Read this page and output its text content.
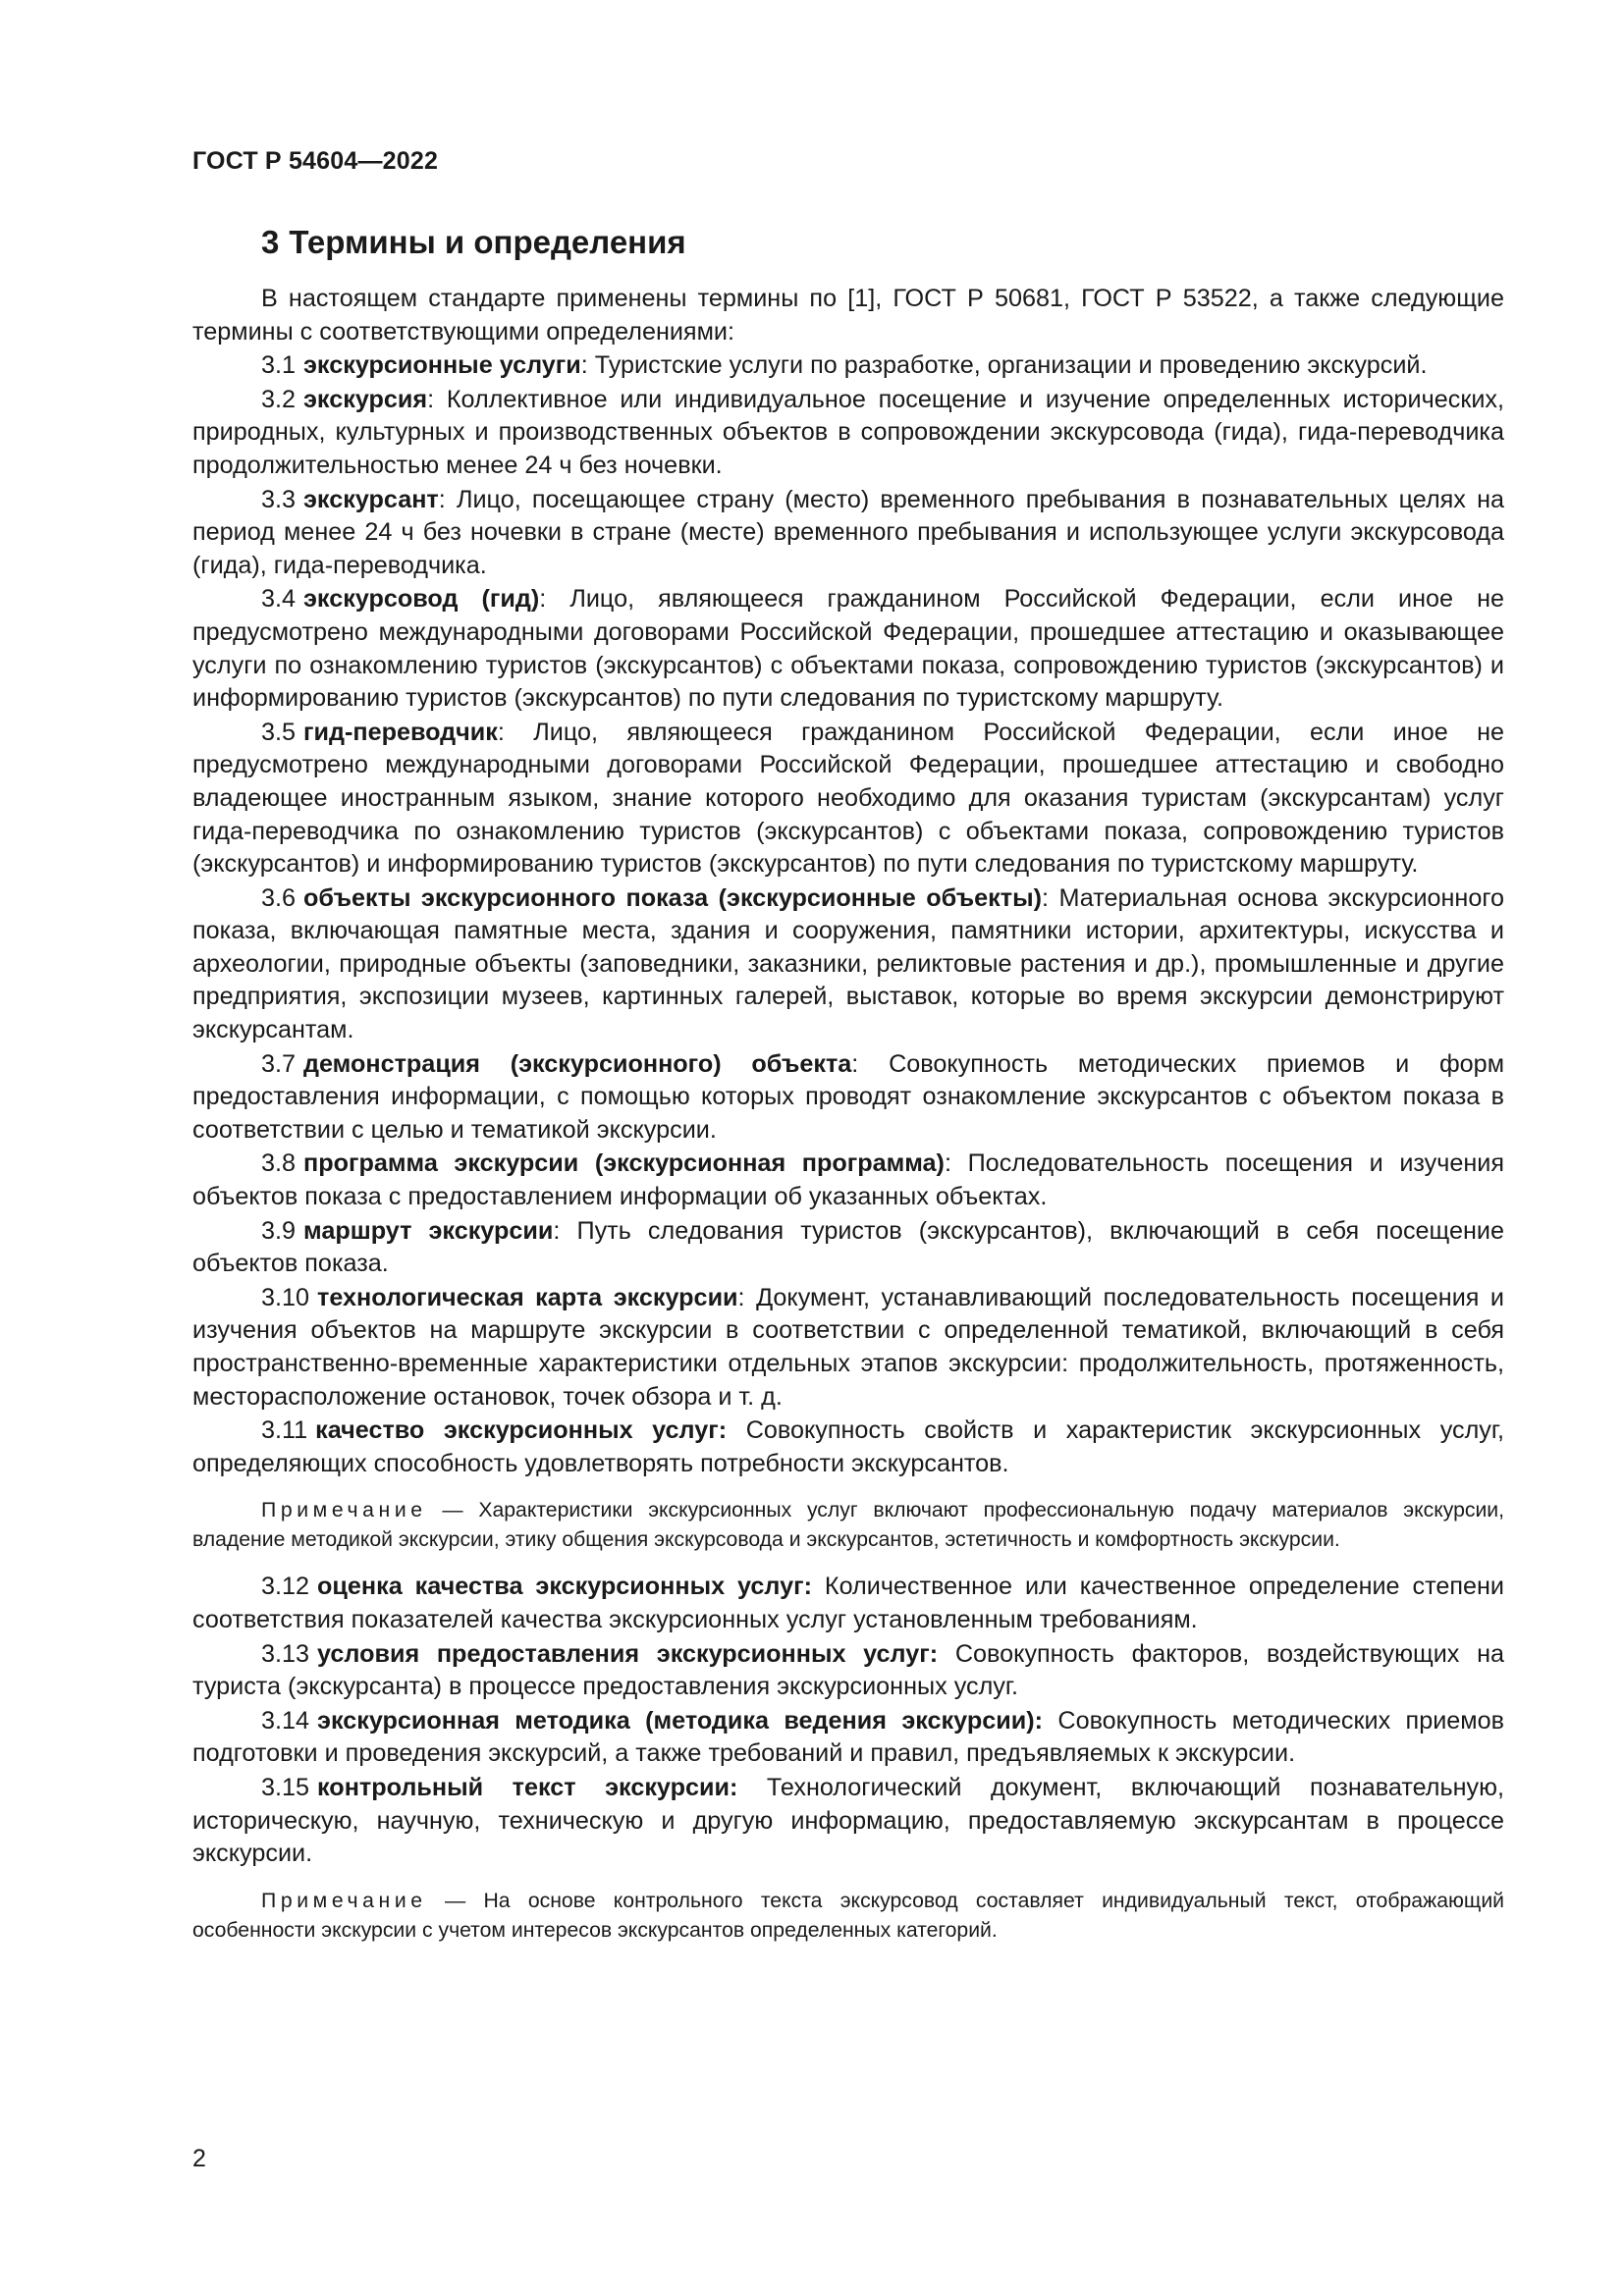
ГОСТ Р 54604—2022
3 Термины и определения

В настоящем стандарте применены термины по [1], ГОСТ Р 50681, ГОСТ Р 53522, а также следующие термины с соответствующими определениями:

3.1 экскурсионные услуги: Туристские услуги по разработке, организации и проведению экскурсий.

3.2 экскурсия: Коллективное или индивидуальное посещение и изучение определенных исторических, природных, культурных и производственных объектов в сопровождении экскурсовода (гида), гида-переводчика продолжительностью менее 24 ч без ночевки.

3.3 экскурсант: Лицо, посещающее страну (место) временного пребывания в познавательных целях на период менее 24 ч без ночевки в стране (месте) временного пребывания и использующее услуги экскурсовода (гида), гида-переводчика.

3.4 экскурсовод (гид): Лицо, являющееся гражданином Российской Федерации, если иное не предусмотрено международными договорами Российской Федерации, прошедшее аттестацию и оказывающее услуги по ознакомлению туристов (экскурсантов) с объектами показа, сопровождению туристов (экскурсантов) и информированию туристов (экскурсантов) по пути следования по туристскому маршруту.

3.5 гид-переводчик: Лицо, являющееся гражданином Российской Федерации, если иное не предусмотрено международными договорами Российской Федерации, прошедшее аттестацию и свободно владеющее иностранным языком, знание которого необходимо для оказания туристам (экскурсантам) услуг гида-переводчика по ознакомлению туристов (экскурсантов) с объектами показа, сопровождению туристов (экскурсантов) и информированию туристов (экскурсантов) по пути следования по туристскому маршруту.

3.6 объекты экскурсионного показа (экскурсионные объекты): Материальная основа экскурсионного показа, включающая памятные места, здания и сооружения, памятники истории, архитектуры, искусства и археологии, природные объекты (заповедники, заказники, реликтовые растения и др.), промышленные и другие предприятия, экспозиции музеев, картинных галерей, выставок, которые во время экскурсии демонстрируют экскурсантам.

3.7 демонстрация (экскурсионного) объекта: Совокупность методических приемов и форм предоставления информации, с помощью которых проводят ознакомление экскурсантов с объектом показа в соответствии с целью и тематикой экскурсии.

3.8 программа экскурсии (экскурсионная программа): Последовательность посещения и изучения объектов показа с предоставлением информации об указанных объектах.

3.9 маршрут экскурсии: Путь следования туристов (экскурсантов), включающий в себя посещение объектов показа.

3.10 технологическая карта экскурсии: Документ, устанавливающий последовательность посещения и изучения объектов на маршруте экскурсии в соответствии с определенной тематикой, включающий в себя пространственно-временные характеристики отдельных этапов экскурсии: продолжительность, протяженность, месторасположение остановок, точек обзора и т. д.

3.11 качество экскурсионных услуг: Совокупность свойств и характеристик экскурсионных услуг, определяющих способность удовлетворять потребности экскурсантов.

Примечание — Характеристики экскурсионных услуг включают профессиональную подачу материалов экскурсии, владение методикой экскурсии, этику общения экскурсовода и экскурсантов, эстетичность и комфортность экскурсии.

3.12 оценка качества экскурсионных услуг: Количественное или качественное определение степени соответствия показателей качества экскурсионных услуг установленным требованиям.

3.13 условия предоставления экскурсионных услуг: Совокупность факторов, воздействующих на туриста (экскурсанта) в процессе предоставления экскурсионных услуг.

3.14 экскурсионная методика (методика ведения экскурсии): Совокупность методических приемов подготовки и проведения экскурсий, а также требований и правил, предъявляемых к экскурсии.

3.15 контрольный текст экскурсии: Технологический документ, включающий познавательную, историческую, научную, техническую и другую информацию, предоставляемую экскурсантам в процессе экскурсии.

Примечание — На основе контрольного текста экскурсовод составляет индивидуальный текст, отображающий особенности экскурсии с учетом интересов экскурсантов определенных категорий.

2
